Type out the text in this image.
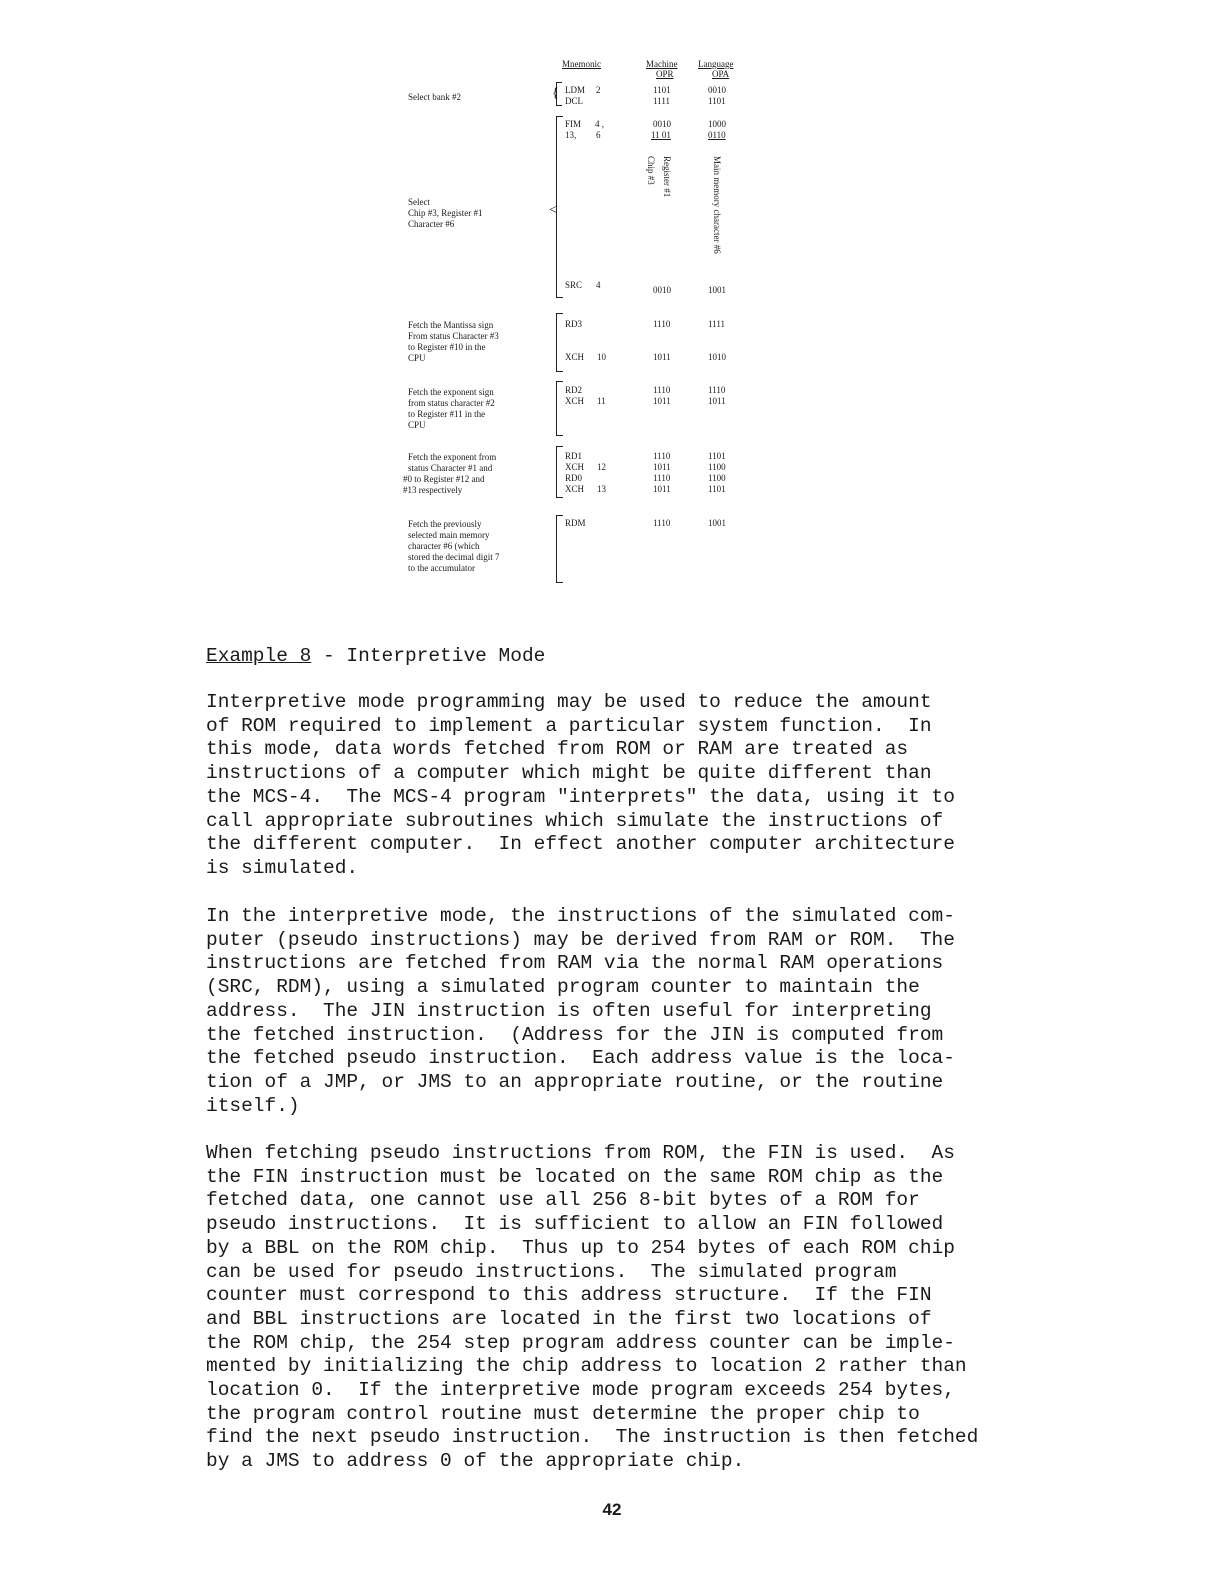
Mnemonic	Machine Language
OPR	OPA
Select bank #2	{ LDM 2	1101	0010
DCL	1111	1101
Select
Chip #3, Register #1
Character #6
<
FIM 4 ,	0010	1000
13, 6	11 01	0110
Chip #3 Register #1	Main memory character #6
SRC 4	0010	1001
Fetch the Mantissa sign
From status Character #3
to Register #10 in the
CPU
RD3	1110	1111
XCH 10	1011	1010
Fetch the exponent sign
from status character #2
to Register #11 in the
CPU
RD2	1110	1110
XCH 11	1011	1011
Fetch the exponent from
status Character #1 and
#0 to Register #12 and
#13 respectively
RD1	1110	1101
XCH 12	1011	1100
RD0	1110	1100
XCH 13	1011	1101
Fetch the previously
selected main memory
character #6 (which
stored the decimal digit 7
to the accumulator
RDM	1110	1001
Example 8 - Interpretive Mode

Interpretive mode programming may be used to reduce the amount
of ROM required to implement a particular system function.  In
this mode, data words fetched from ROM or RAM are treated as
instructions of a computer which might be quite different than
the MCS-4.  The MCS-4 program "interprets" the data, using it to
call appropriate subroutines which simulate the instructions of
the different computer.  In effect another computer architecture
is simulated.

In the interpretive mode, the instructions of the simulated com-
puter (pseudo instructions) may be derived from RAM or ROM.  The
instructions are fetched from RAM via the normal RAM operations
(SRC, RDM), using a simulated program counter to maintain the
address.  The JIN instruction is often useful for interpreting
the fetched instruction.  (Address for the JIN is computed from
the fetched pseudo instruction.  Each address value is the loca-
tion of a JMP, or JMS to an appropriate routine, or the routine
itself.)

When fetching pseudo instructions from ROM, the FIN is used.  As
the FIN instruction must be located on the same ROM chip as the
fetched data, one cannot use all 256 8-bit bytes of a ROM for
pseudo instructions.  It is sufficient to allow an FIN followed
by a BBL on the ROM chip.  Thus up to 254 bytes of each ROM chip
can be used for pseudo instructions.  The simulated program
counter must correspond to this address structure.  If the FIN
and BBL instructions are located in the first two locations of
the ROM chip, the 254 step program address counter can be imple-
mented by initializing the chip address to location 2 rather than
location 0.  If the interpretive mode program exceeds 254 bytes,
the program control routine must determine the proper chip to
find the next pseudo instruction.  The instruction is then fetched
by a JMS to address 0 of the appropriate chip.

42
